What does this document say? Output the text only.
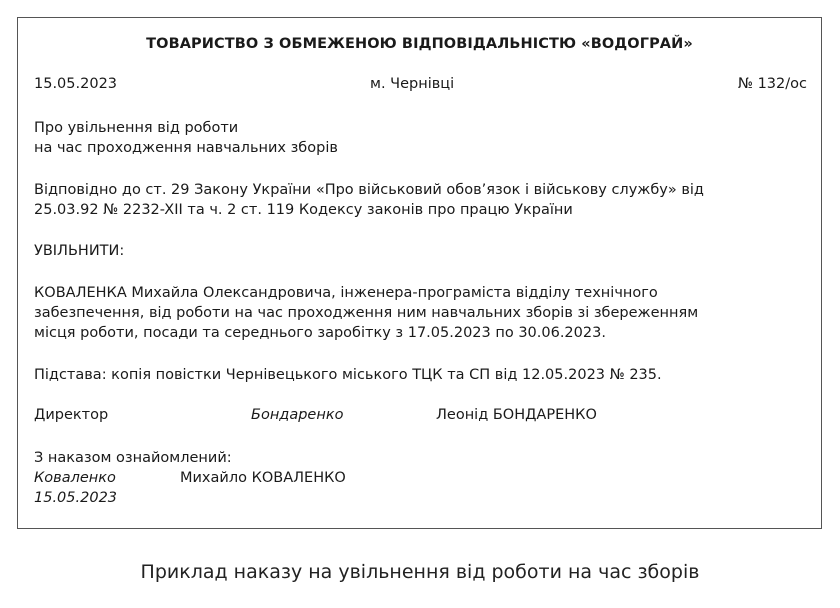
ТОВАРИСТВО З ОБМЕЖЕНОЮ ВІДПОВІДАЛЬНІСТЮ «ВОДОГРАЙ»
15.05.2023	м. Чернівці	№ 132/ос
Про увільнення від роботи
на час проходження навчальних зборів
Відповідно до ст. 29 Закону України «Про військовий обов’язок і військову службу» від
25.03.92 № 2232-XII та ч. 2 ст. 119 Кодексу законів про працю України
УВІЛЬНИТИ:
КОВАЛЕНКА Михайла Олександровича, інженера-програміста відділу технічного
забезпечення, від роботи на час проходження ним навчальних зборів зі збереженням
місця роботи, посади та середнього заробітку з 17.05.2023 по 30.06.2023.
Підстава: копія повістки Чернівецького міського ТЦК та СП від 12.05.2023 № 235.
Директор	Бондаренко	Леонід БОНДАРЕНКО
З наказом ознайомлений:
Коваленко	Михайло КОВАЛЕНКО
15.05.2023
Приклад наказу на увільнення від роботи на час зборів
